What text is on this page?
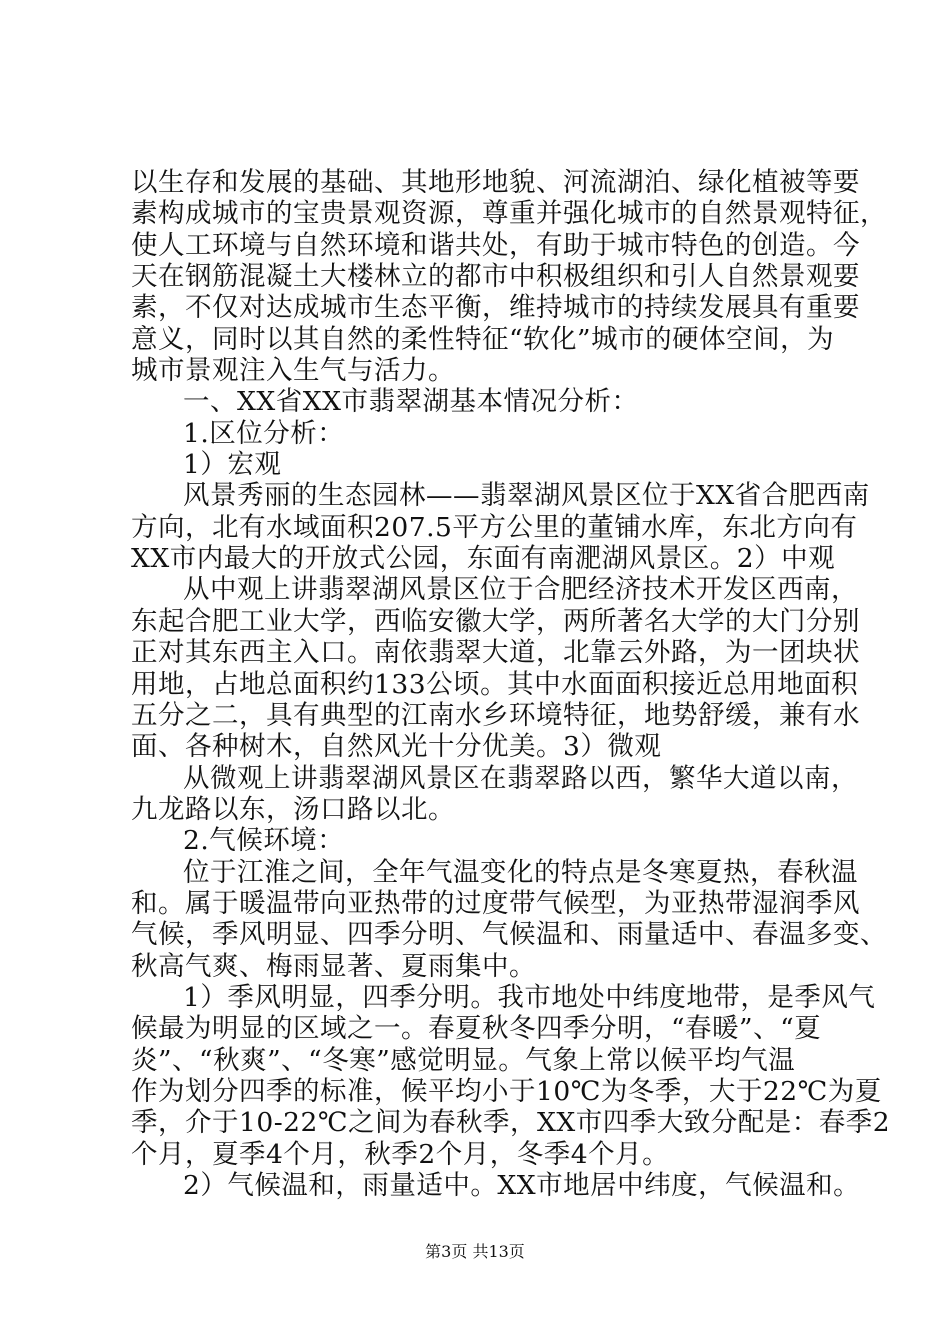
以生存和发展的基础、其地形地貌、河流湖泊、绿化植被等要
素构成城市的宝贵景观资源，尊重并强化城市的自然景观特征，
使人工环境与自然环境和谐共处，有助于城市特色的创造。今
天在钢筋混凝土大楼林立的都市中积极组织和引人自然景观要
素，不仅对达成城市生态平衡，维持城市的持续发展具有重要
意义，同时以其自然的柔性特征“软化”城市的硬体空间，为
城市景观注入生气与活力。
一、XX省XX市翡翠湖基本情况分析：
1.区位分析：
1）宏观
风景秀丽的生态园林——翡翠湖风景区位于XX省合肥西南
方向，北有水域面积207.5平方公里的董铺水库，东北方向有
XX市内最大的开放式公园，东面有南淝湖风景区。2）中观
从中观上讲翡翠湖风景区位于合肥经济技术开发区西南，
东起合肥工业大学，西临安徽大学，两所著名大学的大门分别
正对其东西主入口。南依翡翠大道，北靠云外路，为一团块状
用地，占地总面积约133公顷。其中水面面积接近总用地面积
五分之二，具有典型的江南水乡环境特征，地势舒缓，兼有水
面、各种树木，自然风光十分优美。3）微观
从微观上讲翡翠湖风景区在翡翠路以西，繁华大道以南，
九龙路以东，汤口路以北。
2.气候环境：
位于江淮之间，全年气温变化的特点是冬寒夏热，春秋温
和。属于暖温带向亚热带的过度带气候型，为亚热带湿润季风
气候，季风明显、四季分明、气候温和、雨量适中、春温多变、
秋高气爽、梅雨显著、夏雨集中。
1）季风明显，四季分明。我市地处中纬度地带，是季风气
候最为明显的区域之一。春夏秋冬四季分明，“春暖”、“夏
炎”、“秋爽”、“冬寒”感觉明显。气象上常以候平均气温
作为划分四季的标准，候平均小于10℃为冬季，大于22℃为夏
季，介于10-22℃之间为春秋季，XX市四季大致分配是：春季2
个月，夏季4个月，秋季2个月，冬季4个月。
2）气候温和，雨量适中。XX市地居中纬度，气候温和。
第3页 共13页
